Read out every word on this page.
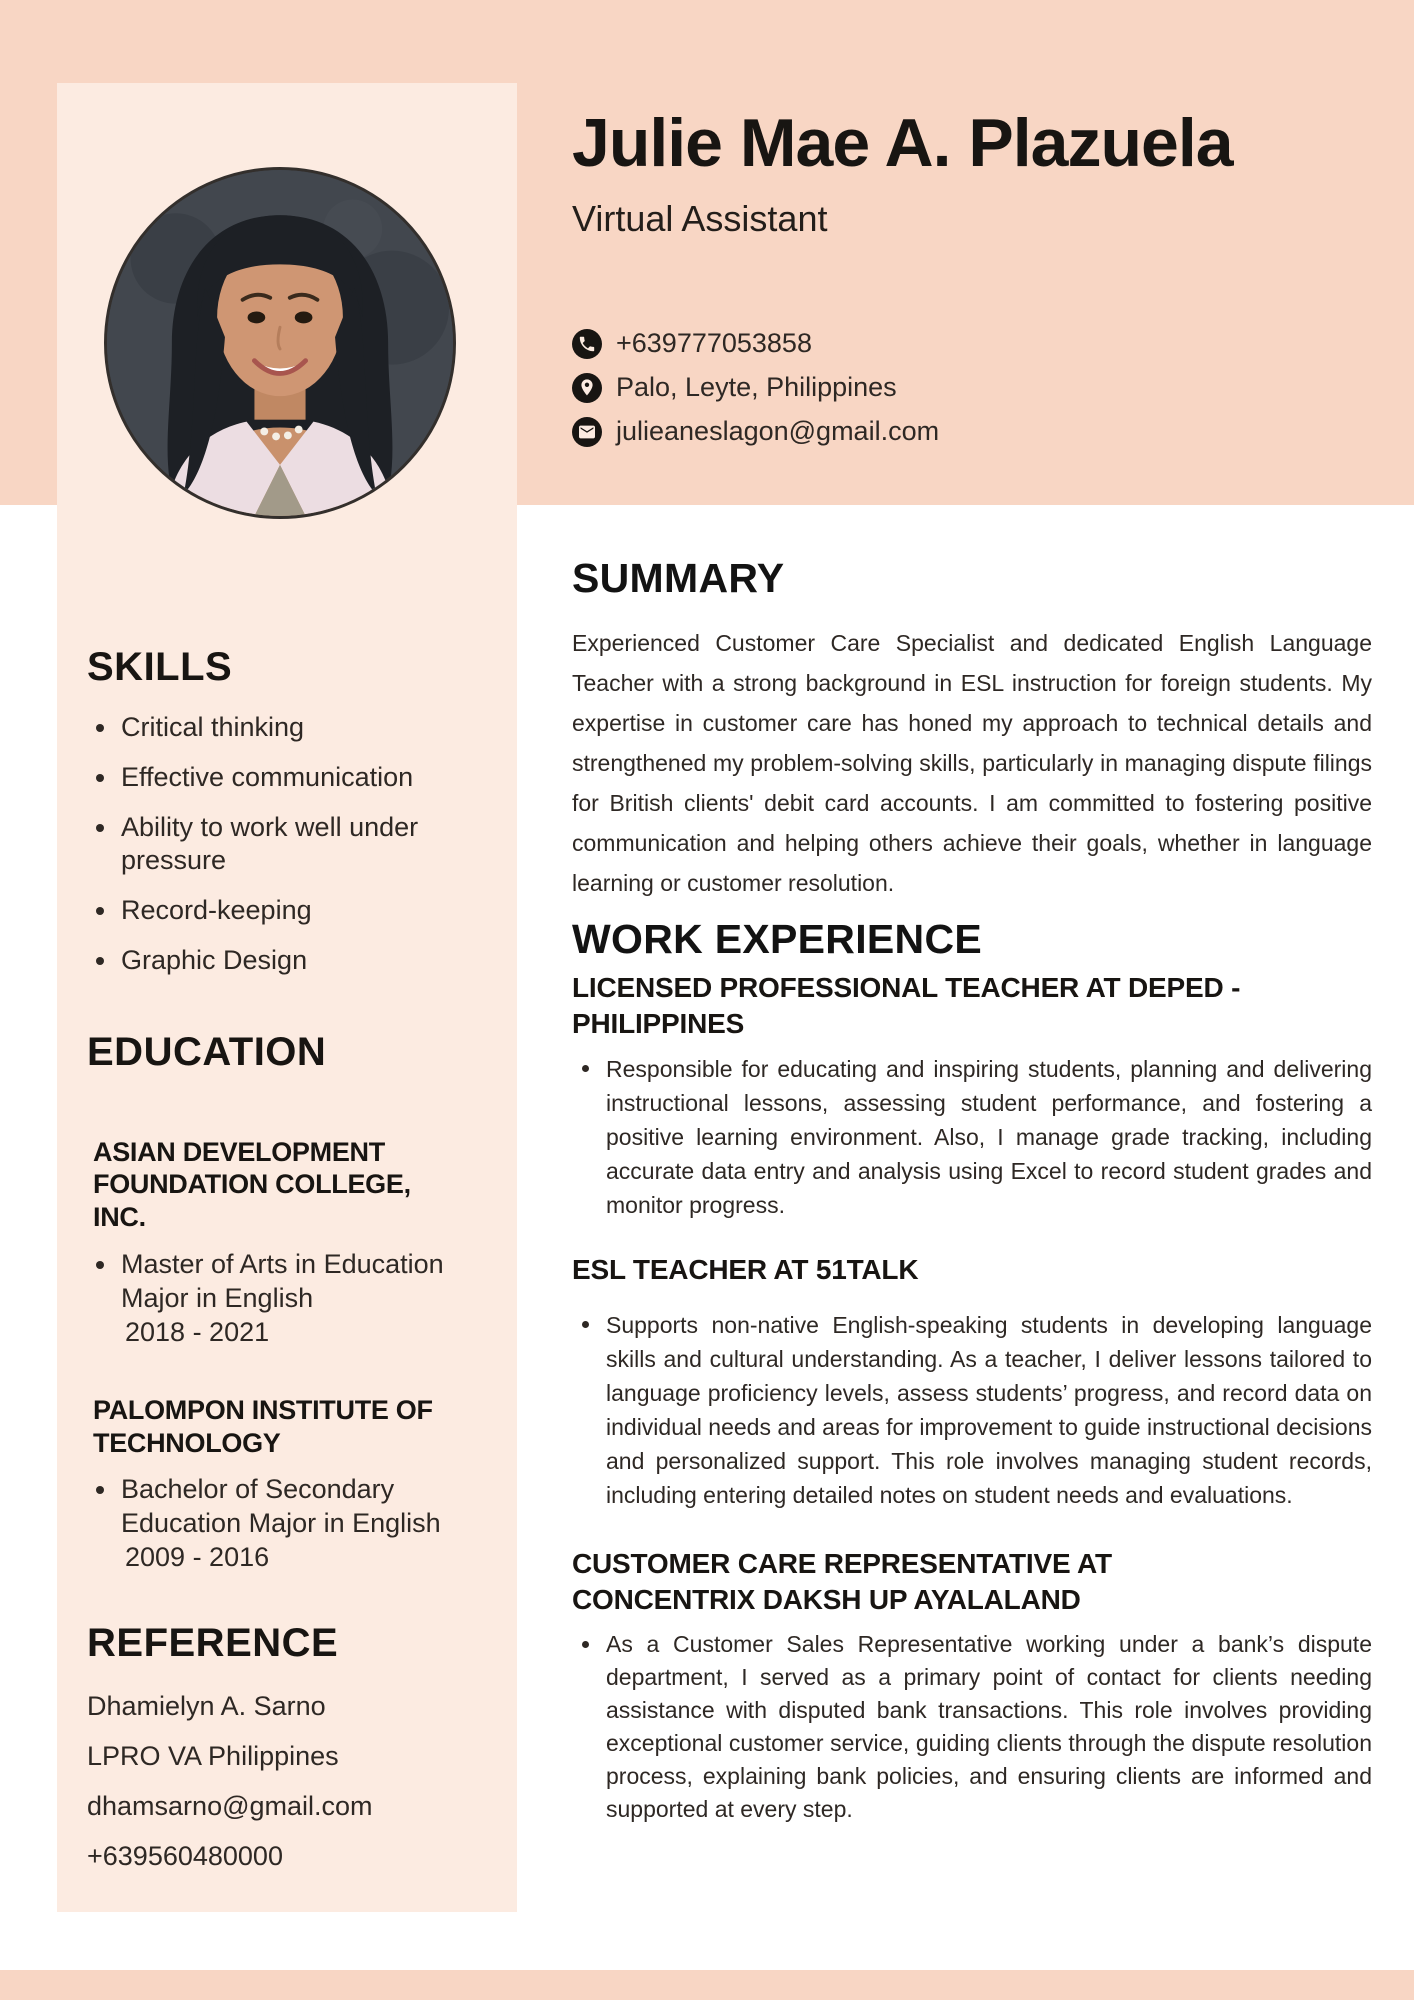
Julie Mae A. Plazuela
Virtual Assistant
+639777053858
Palo, Leyte, Philippines
julieaneslagon@gmail.com
SKILLS
Critical thinking
Effective communication
Ability to work well under pressure
Record-keeping
Graphic Design
EDUCATION
ASIAN DEVELOPMENT FOUNDATION COLLEGE, INC.
Master of Arts in Education Major in English
2018 - 2021
PALOMPON INSTITUTE OF TECHNOLOGY
Bachelor of Secondary Education Major in English
2009 - 2016
REFERENCE
Dhamielyn A. Sarno
LPRO VA Philippines
dhamsarno@gmail.com
+639560480000
SUMMARY

Experienced Customer Care Specialist and dedicated English Language Teacher with a strong background in ESL instruction for foreign students. My expertise in customer care has honed my approach to technical details and strengthened my problem-solving skills, particularly in managing dispute filings for British clients' debit card accounts. I am committed to fostering positive communication and helping others achieve their goals, whether in language learning or customer resolution.

WORK EXPERIENCE
LICENSED PROFESSIONAL TEACHER AT DEPED - PHILIPPINES
Responsible for educating and inspiring students, planning and delivering instructional lessons, assessing student performance, and fostering a positive learning environment. Also, I manage grade tracking, including accurate data entry and analysis using Excel to record student grades and monitor progress.
ESL TEACHER AT 51TALK
Supports non-native English-speaking students in developing language skills and cultural understanding. As a teacher, I deliver lessons tailored to language proficiency levels, assess students’ progress, and record data on individual needs and areas for improvement to guide instructional decisions and personalized support. This role involves managing student records, including entering detailed notes on student needs and evaluations.
CUSTOMER CARE REPRESENTATIVE AT CONCENTRIX DAKSH UP AYALALAND
As a Customer Sales Representative working under a bank’s dispute department, I served as a primary point of contact for clients needing assistance with disputed bank transactions. This role involves providing exceptional customer service, guiding clients through the dispute resolution process, explaining bank policies, and ensuring clients are informed and supported at every step.
